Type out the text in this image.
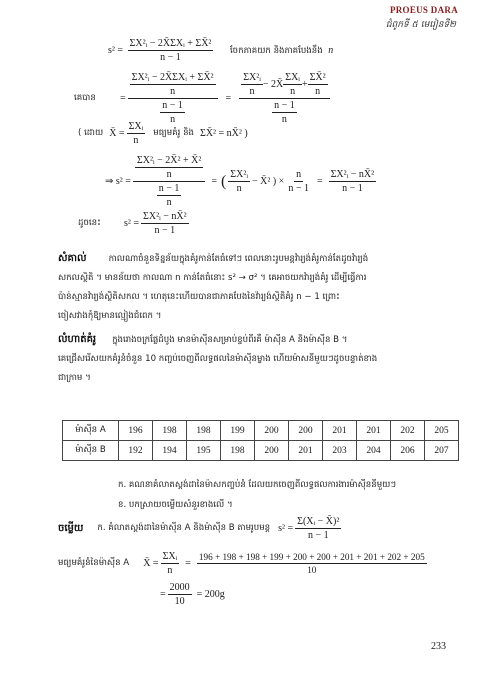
PROEUS DARA
ជំពូកទី ៥ មេរៀនទី២
$s^2 = \frac{\text{ΣX²ᵢ − 2X̄ΣXᵢ + ΣX̄²}}{n - 1}$ ចែកភាគយក និងភាគបែងនឹង n
គេបាន	= $\frac{\frac{\text{ΣX²ᵢ − 2X̄ΣXᵢ + ΣX̄²}}{n}}{\frac{n - 1}{n}}$ =
$\frac{\text{ΣX²ᵢ}}{n}$ − 2X̄ $\frac{\text{ΣXᵢ}}{n} + \frac{\text{ΣX̄²}}{n}$
$\frac{n - 1}{n}$
( ដោយ X̄ = $\frac{\text{ΣXᵢ}}{n}$ មធ្យមគំរូ និង ΣX̄² = nX̄² )
⇒ $s^2 = \frac{\frac{\text{ΣX²ᵢ − 2X̄² + X̄²}}{n}}{\frac{n - 1}{n}}$ = ( $\frac{\text{ΣX²ᵢ}}{n}$ − X̄² ) × $\frac{n}{n - 1} = \frac{\text{ΣX²ᵢ − nX̄²}}{n - 1}$
ដូចនេះ	$s^2 = \frac{\text{ΣX²ᵢ − nX̄²}}{n - 1}$
សំគាល់	កាលណាចំនួនទិន្នន័យក្នុងគំរូកាន់តែធំទៅៗ ពេលនោះរូបមន្តវ៉ារ្យង់គំរូកាន់តែដូចវ៉ារ្យង់
សកលស្ថិតិ ។ មានន័យថា កាលណា n កាន់តែធំនោះ s² → σ² ។ គេអាចយកវ៉ារ្យង់គំរូ ដើម្បីធ្វើការ
ប៉ាន់ស្មានវ៉ារ្យង់ស្ថិតិសកល ។ ហេតុនេះហើយបានជាភាគបែងនៃវ៉ារ្យង់ស្ថិតិគំរូ n − 1 ព្រោះ
ចៀសវាងកុំឱ្យមានល្មៀងជំពេក ។
លំហាត់គំរូ ក្នុងរោងចក្រផ្លែដំបូង មានម៉ាស៊ីនសម្រាប់ខ្ចប់ពីរគឺ ម៉ាស៊ីន A និងម៉ាស៊ីន B ។
គេជ្រើសរើសយកគំរូនំចំនួន 10 កញ្ចប់ចេញពីលទ្ធផលនៃម៉ាស៊ីនម្ខាង ហើយម៉ាសនីមួយៗដូចបន្ទាត់ខាង
ជាក្រាម ។
ម៉ាស៊ីន A	196	198	198	199	200	200	201	201	202	205
ម៉ាស៊ីន B	192	194	195	198	200	201	203	204	206	207
ក. គណនាគំលាតស្តង់ដានៃម៉ាសកញ្ចប់នំ ដែលយកចេញពីលទ្ធផលការងារម៉ាស៊ីននីមួយៗ
ខ. បកស្រាយចម្លើយសំនួរខាងលើ ។
ចម្លើយ ក. គំលាតស្តង់ដានៃម៉ាស៊ីន A និងម៉ាស៊ីន B តាមរូបមន្ត $s^2 = \frac{\text{Σ(Xᵢ − X̄)²}}{n - 1}$
មធ្យមគំរូនំនៃម៉ាស៊ីន A X̄ = $\frac{\text{ΣXᵢ}}{n} = \frac{196 + 198 + 198 + 199 + 200 + 200 + 201 + 201 + 202 + 205}{10}$
= $\frac{2000}{10} = 200g$
233
